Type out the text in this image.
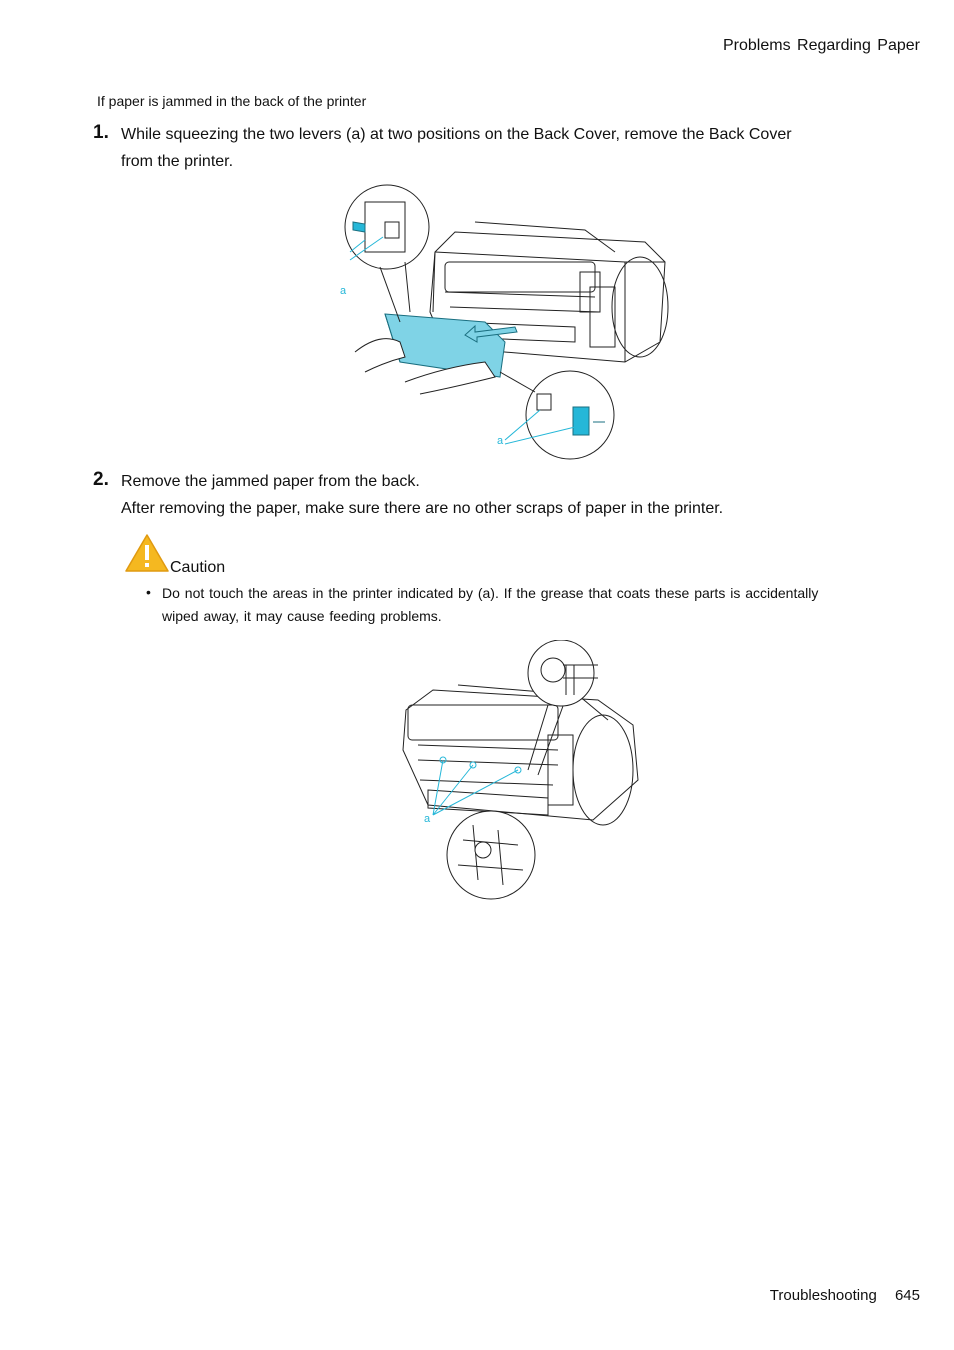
Problems Regarding Paper
If paper is jammed in the back of the printer
1. While squeezing the two levers (a) at two positions on the Back Cover, remove the Back Cover
from the printer.
a
a
2. Remove the jammed paper from the back.
After removing the paper, make sure there are no other scraps of paper in the printer.
Caution
• Do not touch the areas in the printer indicated by (a). If the grease that coats these parts is accidentally wiped away, it may cause feeding problems.
a
Troubleshooting 645
